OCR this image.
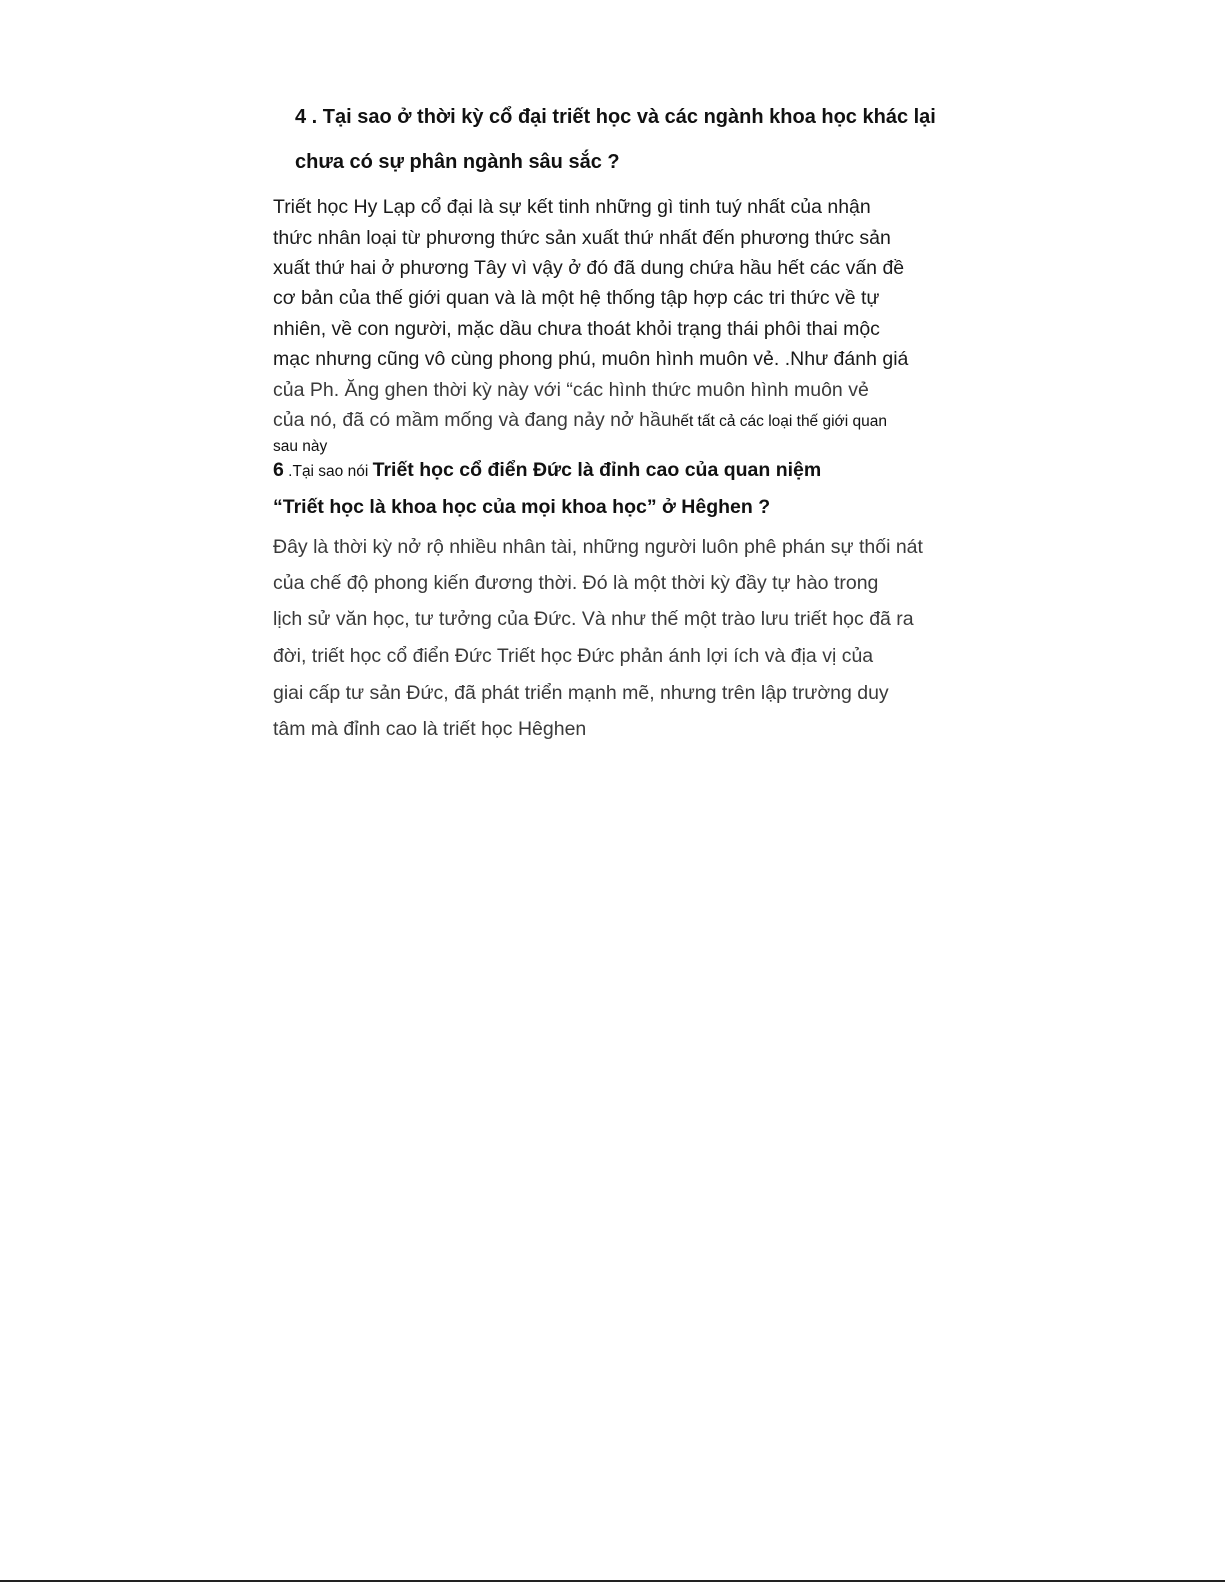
4 . Tại sao ở thời kỳ cổ đại triết học và các ngành khoa học khác lại

chưa có sự phân ngành sâu sắc ?

Triết học Hy Lạp cổ đại là sự kết tinh những gì tinh tuý nhất của nhận

thức nhân loại từ phương thức sản xuất thứ nhất đến phương thức sản

xuất thứ hai ở phương Tây vì vậy ở đó đã dung chứa hầu hết các vấn đề

cơ bản của thế giới quan và là một hệ thống tập hợp các tri thức về tự

nhiên, về con người, mặc dầu chưa thoát khỏi trạng thái phôi thai mộc

mạc nhưng cũng vô cùng phong phú, muôn hình muôn vẻ. .Như đánh giá

của Ph. Ăng ghen thời kỳ này với “các hình thức muôn hình muôn vẻ

của nó, đã có mầm mống và đang nảy nở hầuhết tất cả các loại thế giới quan

sau này

6 .Tại sao nói Triết học cổ điển Đức là đỉnh cao của quan niệm

“Triết học là khoa học của mọi khoa học” ở Hêghen ?

Đây là thời kỳ nở rộ nhiều nhân tài, những người luôn phê phán sự thối nát

của chế độ phong kiến đương thời. Đó là một thời kỳ đầy tự hào trong

lịch sử văn học, tư tưởng của Đức. Và như thế một trào lưu triết học đã ra

đời, triết học cổ điển Đức Triết học Đức phản ánh lợi ích và địa vị của

giai cấp tư sản Đức, đã phát triển mạnh mẽ, nhưng trên lập trường duy

tâm mà đỉnh cao là triết học Hêghen
